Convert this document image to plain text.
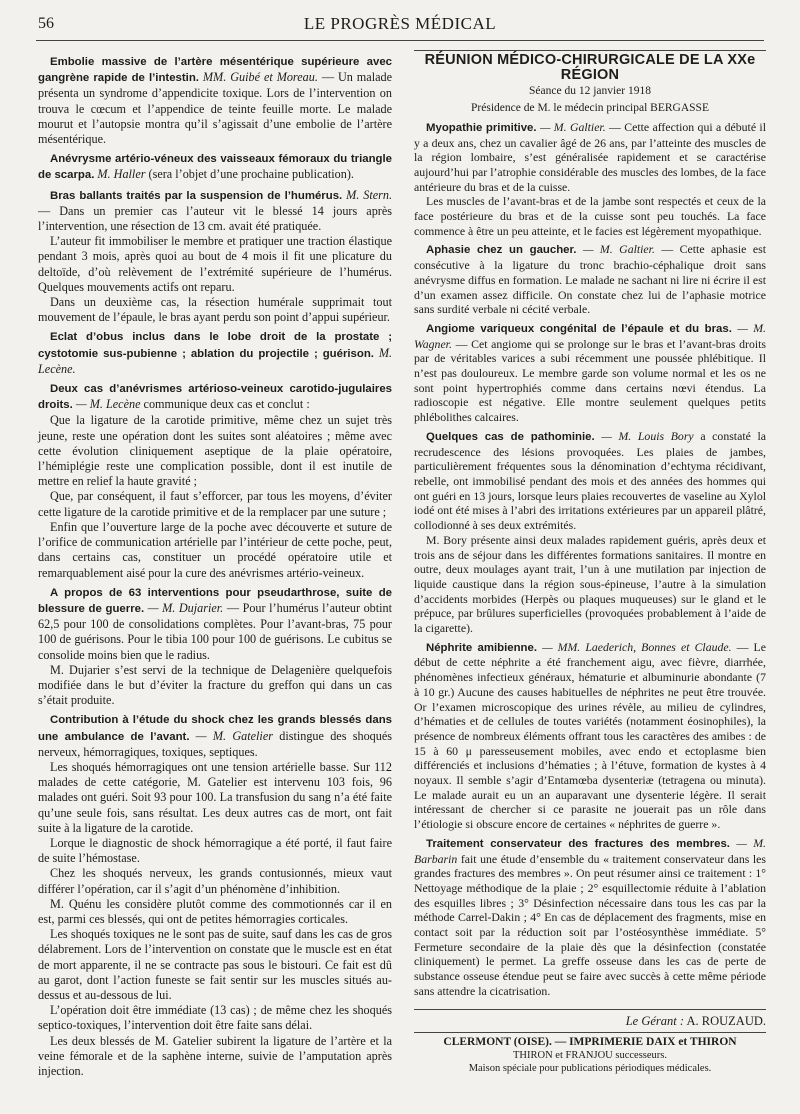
56	LE PROGRÈS MÉDICAL

Embolie massive de l’artère mésentérique supérieure avec gangrène rapide de l’intestin. MM. Guibé et Moreau. — Un malade présenta un syndrome d’appendicite toxique. Lors de l’intervention on trouva le cœcum et l’appendice de teinte feuille morte. Le malade mourut et l’autopsie montra qu’il s’agissait d’une embolie de l’artère mésentérique.

Anévrysme artério-véneux des vaisseaux fémoraux du triangle de scarpa. M. Haller (sera l’objet d’une prochaine publication).

Bras ballants traités par la suspension de l’humérus. M. Stern. — Dans un premier cas l’auteur vit le blessé 14 jours après l’intervention, une résection de 13 cm. avait été pratiquée.

L’auteur fit immobiliser le membre et pratiquer une traction élastique pendant 3 mois, après quoi au bout de 4 mois il fit une plicature du deltoïde, d’où relèvement de l’extrémité supérieure de l’humérus. Quelques mouvements actifs ont reparu.

Dans un deuxième cas, la résection humérale supprimait tout mouvement de l’épaule, le bras ayant perdu son point d’appui supérieur.

Eclat d’obus inclus dans le lobe droit de la prostate ; cystotomie sus-pubienne ; ablation du projectile ; guérison. M. Lecène.

Deux cas d’anévrismes artérioso-veineux carotido-jugulaires droits. — M. Lecène communique deux cas et conclut :

Que la ligature de la carotide primitive, même chez un sujet très jeune, reste une opération dont les suites sont aléatoires ; même avec cette évolution cliniquement aseptique de la plaie opératoire, l’hémiplégie reste une complication possible, dont il est inutile de mettre en relief la haute gravité ;

Que, par conséquent, il faut s’efforcer, par tous les moyens, d’éviter cette ligature de la carotide primitive et de la remplacer par une suture ;

Enfin que l’ouverture large de la poche avec découverte et suture de l’orifice de communication artérielle par l’intérieur de cette poche, peut, dans certains cas, constituer un procédé opératoire utile et remarquablement aisé pour la cure des anévrismes artério-veineux.

A propos de 63 interventions pour pseudarthrose, suite de blessure de guerre. — M. Dujarier. — Pour l’humérus l’auteur obtint 62,5 pour 100 de consolidations complètes. Pour l’avant-bras, 75 pour 100 de guérisons. Pour le tibia 100 pour 100 de guérisons. Le cubitus se consolide moins bien que le radius.

M. Dujarier s’est servi de la technique de Delagenière quelquefois modifiée dans le but d’éviter la fracture du greffon qui dans un cas s’était produite.

Contribution à l’étude du shock chez les grands blessés dans une ambulance de l’avant. — M. Gatelier distingue des shoqués nerveux, hémorragiques, toxiques, septiques.

Les shoqués hémorragiques ont une tension artérielle basse. Sur 112 malades de cette catégorie, M. Gatelier est intervenu 103 fois, 96 malades ont guéri. Soit 93 pour 100. La transfusion du sang n’a été faite qu’une seule fois, sans résultat. Les deux autres cas de mort, ont fait suite à la ligature de la carotide.

Lorque le diagnostic de shock hémorragique a été porté, il faut faire de suite l’hémostase.

Chez les shoqués nerveux, les grands contusionnés, mieux vaut différer l’opération, car il s’agit d’un phénomène d’inhibition.

M. Quénu les considère plutôt comme des commotionnés car il en est, parmi ces blessés, qui ont de petites hémorragies corticales.

Les shoqués toxiques ne le sont pas de suite, sauf dans les cas de gros délabrement. Lors de l’intervention on constate que le muscle est en état de mort apparente, il ne se contracte pas sous le bistouri. Ce fait est dû au garot, dont l’action funeste se fait sentir sur les muscles situés au-dessus et au-dessous de lui.

L’opération doit être immédiate (13 cas) ; de même chez les shoqués septico-toxiques, l’intervention doit être faite sans délai.

Les deux blessés de M. Gatelier subirent la ligature de l’artère et la veine fémorale et de la saphène interne, suivie de l’amputation après injection.

RÉUNION MÉDICO-CHIRURGICALE DE LA XXe RÉGION
Séance du 12 janvier 1918
Présidence de M. le médecin principal BERGASSE

Myopathie primitive. — M. Galtier. — Cette affection qui a débuté il y a deux ans, chez un cavalier âgé de 26 ans, par l’atteinte des muscles de la région lombaire, s’est généralisée rapidement et se caractérise aujourd’hui par l’atrophie considérable des muscles des lombes, de la face antérieure du bras et de la cuisse.

Les muscles de l’avant-bras et de la jambe sont respectés et ceux de la face postérieure du bras et de la cuisse sont peu touchés. La face commence à être un peu atteinte, et le facies est légèrement myopathique.

Aphasie chez un gaucher. — M. Galtier. — Cette aphasie est consécutive à la ligature du tronc brachio-céphalique droit sans anévrysme diffus en formation. Le malade ne sachant ni lire ni écrire il est d’un examen assez difficile. On constate chez lui de l’aphasie motrice sans surdité verbale ni cécité verbale.

Angiome variqueux congénital de l’épaule et du bras. — M. Wagner. — Cet angiome qui se prolonge sur le bras et l’avant-bras droits par de véritables varices a subi récemment une poussée phlébitique. Il n’est pas douloureux. Le membre garde son volume normal et les os ne sont point hypertrophiés comme dans certains nœvi étendus. La radioscopie est négative. Elle montre seulement quelques petits phlébolithes calcaires.

Quelques cas de pathominie. — M. Louis Bory a constaté la recrudescence des lésions provoquées. Les plaies de jambes, particulièrement fréquentes sous la dénomination d’echtyma récidivant, rebelle, ont immobilisé pendant des mois et des années des hommes qui ont guéri en 13 jours, lorsque leurs plaies recouvertes de vaseline au Xylol iodé ont été mises à l’abri des irritations extérieures par un appareil plâtré, collodionné à ses deux extrémités.

M. Bory présente ainsi deux malades rapidement guéris, après deux et trois ans de séjour dans les différentes formations sanitaires. Il montre en outre, deux moulages ayant trait, l’un à une mutilation par injection de liquide caustique dans la région sous-épineuse, l’autre à la simulation d’accidents morbides (Herpès ou plaques muqueuses) sur le gland et le prépuce, par brûlures superficielles (provoquées probablement à l’aide de la cigarette).

Néphrite amibienne. — MM. Laederich, Bonnes et Claude. — Le début de cette néphrite a été franchement aigu, avec fièvre, diarrhée, phénomènes infectieux généraux, hématurie et albuminurie abondante (7 à 10 gr.) Aucune des causes habituelles de néphrites ne peut être trouvée. Or l’examen microscopique des urines révèle, au milieu de cylindres, d’hématies et de cellules de toutes variétés (notamment éosinophiles), la présence de nombreux éléments offrant tous les caractères des amibes : de 15 à 60 μ paresseusement mobiles, avec endo et ectoplasme bien différenciés et inclusions d’hématies ; à l’étuve, formation de kystes à 4 noyaux. Il semble s’agir d’Entamœba dysenteriæ (tetragena ou minuta). Le malade aurait eu un an auparavant une dysenterie légère. Il serait intéressant de chercher si ce parasite ne jouerait pas un rôle dans l’étiologie si obscure encore de certaines « néphrites de guerre ».

Traitement conservateur des fractures des membres. — M. Barbarin fait une étude d’ensemble du « traitement conservateur dans les grandes fractures des membres ». On peut résumer ainsi ce traitement : 1° Nettoyage méthodique de la plaie ; 2° esquillectomie réduite à l’ablation des esquilles libres ; 3° Désinfection nécessaire dans tous les cas par la méthode Carrel-Dakin ; 4° En cas de déplacement des fragments, mise en contact soit par la réduction soit par l’ostéosynthèse immédiate. 5° Fermeture secondaire de la plaie dès que la désinfection (constatée cliniquement) le permet. La greffe osseuse dans les cas de perte de substance osseuse étendue peut se faire avec succès à cette même période sans attendre la cicatrisation.

Le Gérant : A. ROUZAUD.
CLERMONT (OISE). — IMPRIMERIE DAIX et THIRON
THIRON et FRANJOU successeurs.
Maison spéciale pour publications périodiques médicales.
